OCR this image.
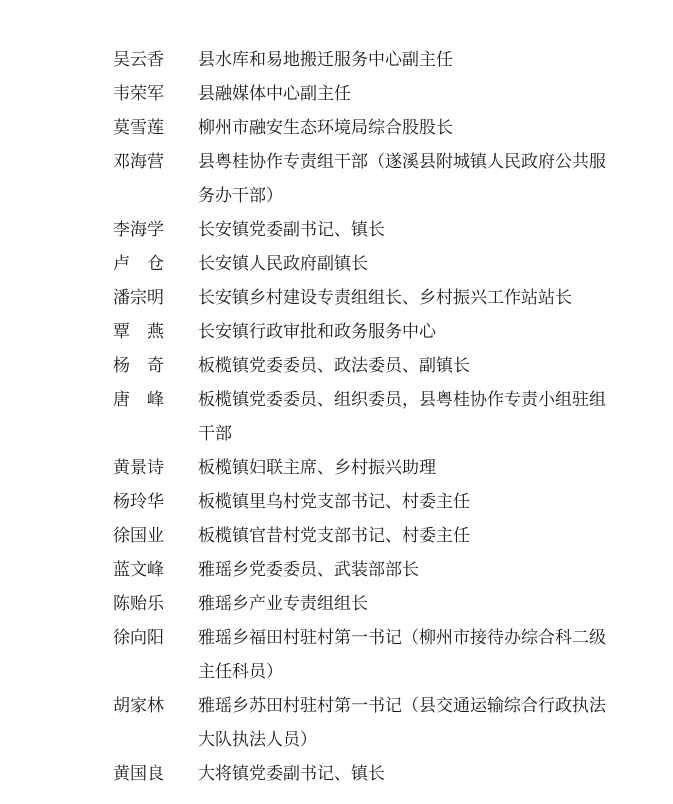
吴云香	县水库和易地搬迁服务中心副主任
韦荣军	县融媒体中心副主任
莫雪莲	柳州市融安生态环境局综合股股长
邓海营	县粤桂协作专责组干部（遂溪县附城镇人民政府公共服务办干部）
李海学	长安镇党委副书记、镇长
卢　仓	长安镇人民政府副镇长
潘宗明	长安镇乡村建设专责组组长、乡村振兴工作站站长
覃　燕	长安镇行政审批和政务服务中心
杨　奇	板榄镇党委委员、政法委员、副镇长
唐　峰	板榄镇党委委员、组织委员，县粤桂协作专责小组驻组干部
黄景诗	板榄镇妇联主席、乡村振兴助理
杨玲华	板榄镇里乌村党支部书记、村委主任
徐国业	板榄镇官昔村党支部书记、村委主任
蓝文峰	雅瑶乡党委委员、武装部部长
陈贻乐	雅瑶乡产业专责组组长
徐向阳	雅瑶乡福田村驻村第一书记（柳州市接待办综合科二级主任科员）
胡家林	雅瑶乡苏田村驻村第一书记（县交通运输综合行政执法大队执法人员）
黄国良	大将镇党委副书记、镇长
